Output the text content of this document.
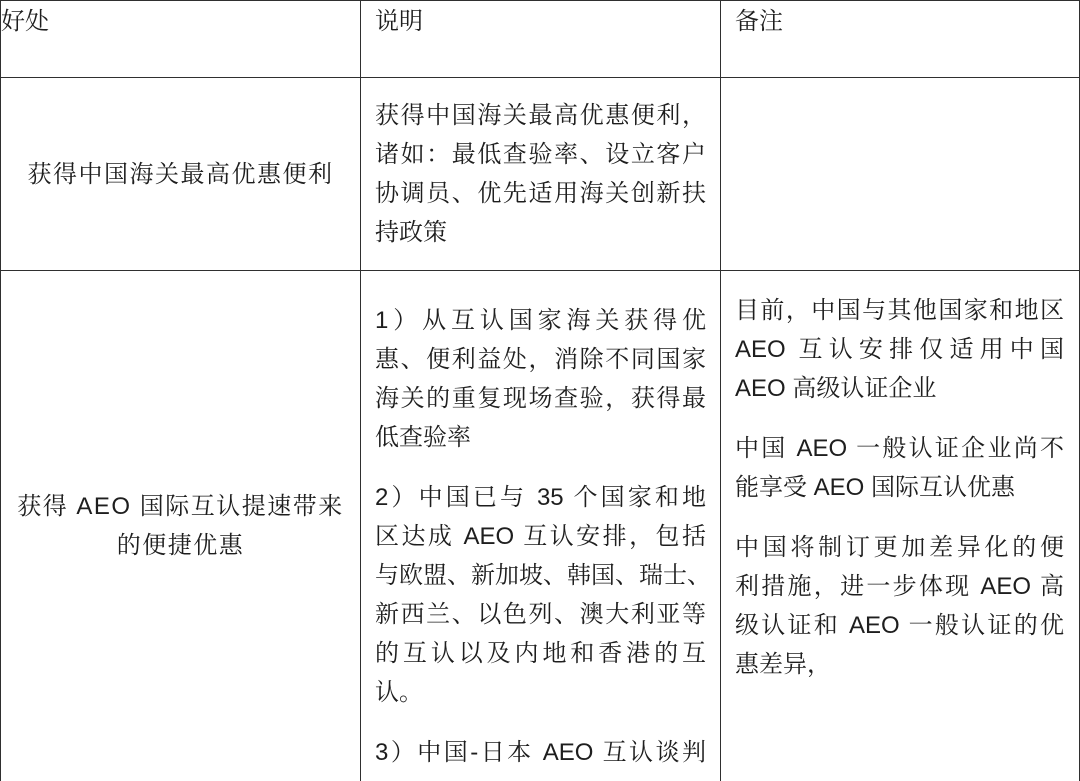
好处	说明	备注
获得中国海关最高优惠便利
获得中国海关最高优惠便利，
诸如：最低查验率、设立客户
协调员、优先适用海关创新扶
持政策
获得 AEO 国际互认提速带来
的便捷优惠
1）从互认国家海关获得优
惠、便利益处，消除不同国家
海关的重复现场查验，获得最
低查验率
2）中国已与 35 个国家和地
区达成 AEO 互认安排，包括
与欧盟、新加坡、韩国、瑞士、
新西兰、以色列、澳大利亚等
的互认以及内地和香港的互
认。
3）中国-日本 AEO 互认谈判
目前，中国与其他国家和地区
AEO 互认安排仅适用中国
AEO 高级认证企业
中国 AEO 一般认证企业尚不
能享受 AEO 国际互认优惠
中国将制订更加差异化的便
利措施，进一步体现 AEO 高
级认证和 AEO 一般认证的优
惠差异，
